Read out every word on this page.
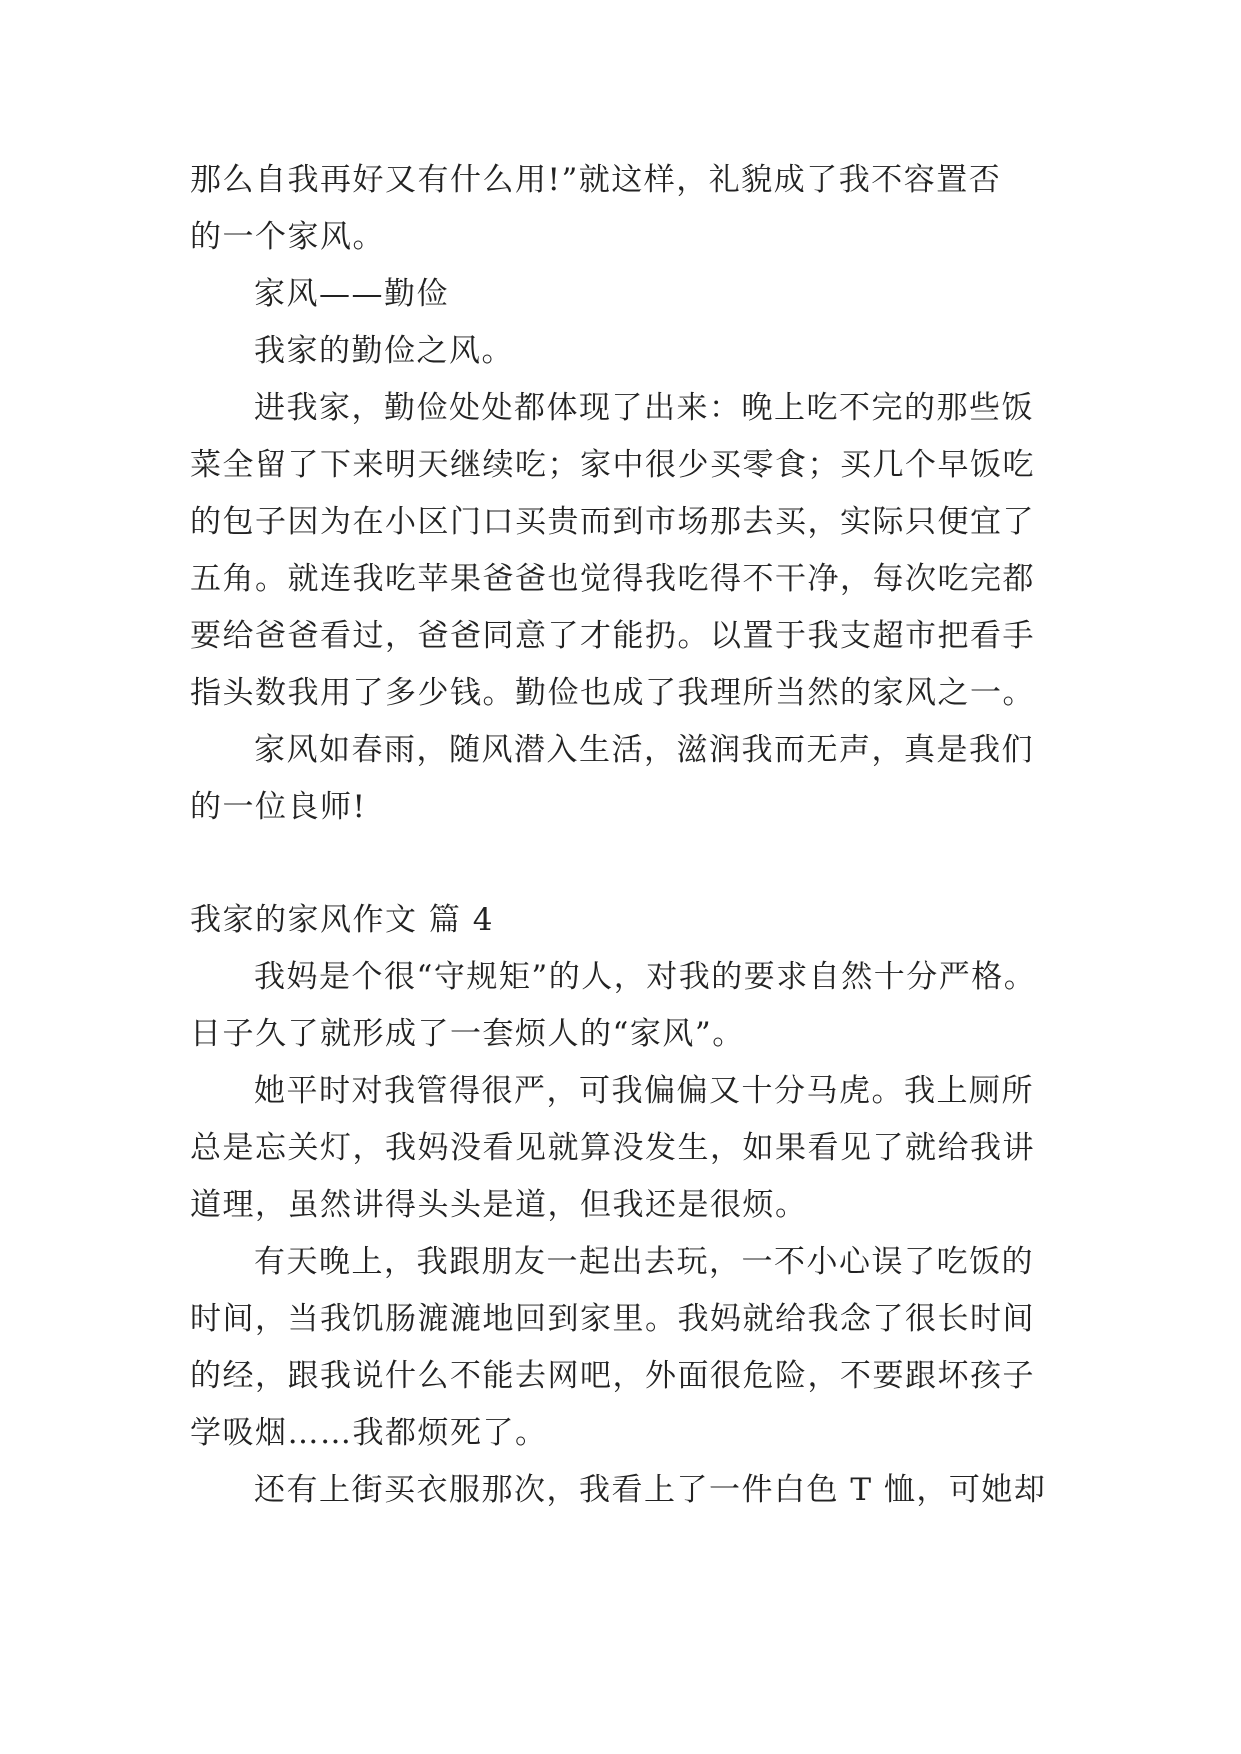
那么自我再好又有什么用!”就这样，礼貌成了我不容置否
的一个家风。
家风——勤俭
我家的勤俭之风。
进我家，勤俭处处都体现了出来：晚上吃不完的那些饭
菜全留了下来明天继续吃；家中很少买零食；买几个早饭吃
的包子因为在小区门口买贵而到市场那去买，实际只便宜了
五角。就连我吃苹果爸爸也觉得我吃得不干净，每次吃完都
要给爸爸看过，爸爸同意了才能扔。以置于我支超市把看手
指头数我用了多少钱。勤俭也成了我理所当然的家风之一。
家风如春雨，随风潜入生活，滋润我而无声，真是我们
的一位良师!
我家的家风作文 篇 4
我妈是个很“守规矩”的人，对我的要求自然十分严格。
日子久了就形成了一套烦人的“家风”。
她平时对我管得很严，可我偏偏又十分马虎。我上厕所
总是忘关灯，我妈没看见就算没发生，如果看见了就给我讲
道理，虽然讲得头头是道，但我还是很烦。
有天晚上，我跟朋友一起出去玩，一不小心误了吃饭的
时间，当我饥肠漉漉地回到家里。我妈就给我念了很长时间
的经，跟我说什么不能去网吧，外面很危险，不要跟坏孩子
学吸烟……我都烦死了。
还有上街买衣服那次，我看上了一件白色 T 恤，可她却
